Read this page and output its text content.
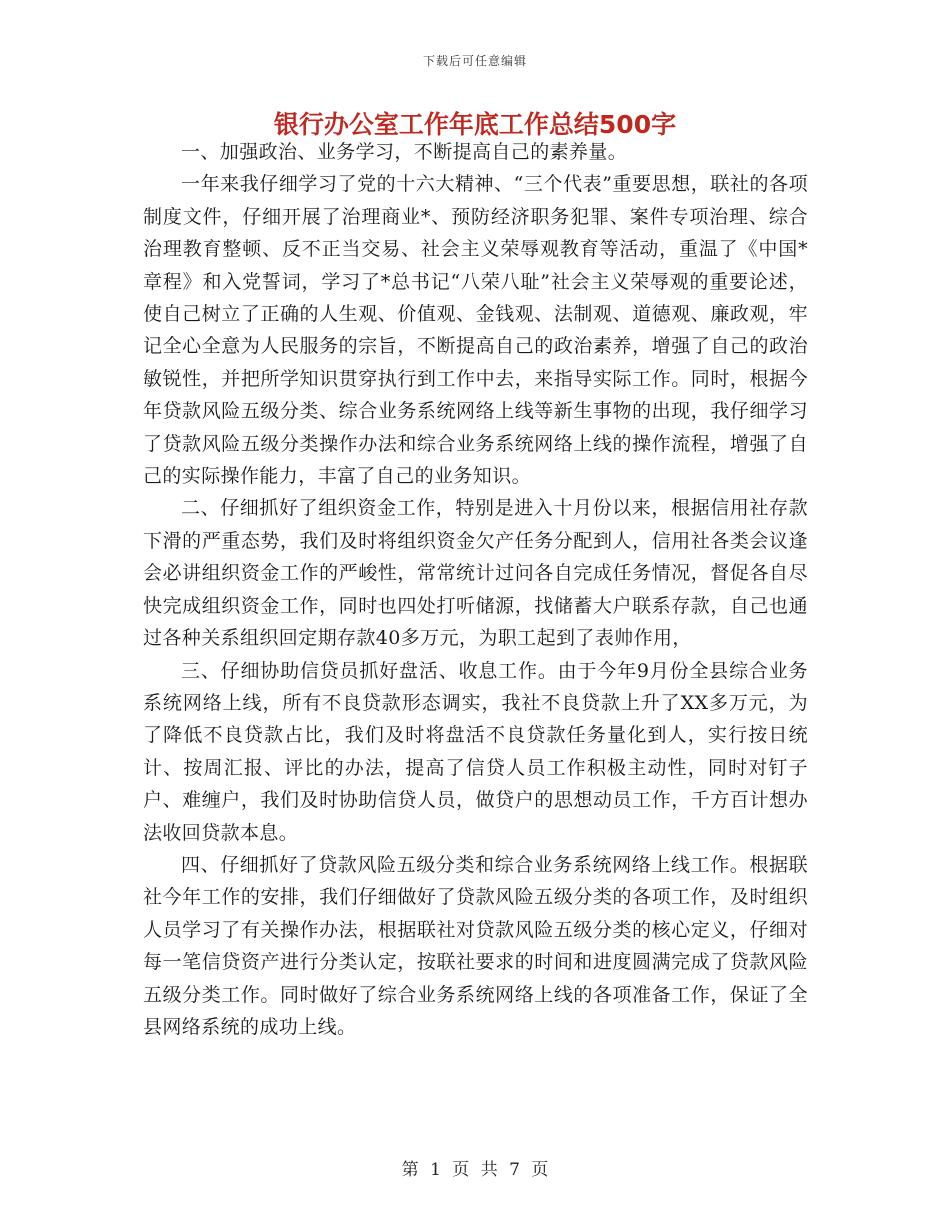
下载后可任意编辑
银行办公室工作年底工作总结500字

一、加强政治、业务学习，不断提高自己的素养量。

一年来我仔细学习了党的十六大精神、“三个代表”重要思想，联社的各项制度文件，仔细开展了治理商业*、预防经济职务犯罪、案件专项治理、综合治理教育整顿、反不正当交易、社会主义荣辱观教育等活动，重温了《中国*章程》和入党誓词，学习了*总书记“八荣八耻”社会主义荣辱观的重要论述，使自己树立了正确的人生观、价值观、金钱观、法制观、道德观、廉政观，牢记全心全意为人民服务的宗旨，不断提高自己的政治素养，增强了自己的政治敏锐性，并把所学知识贯穿执行到工作中去，来指导实际工作。同时，根据今年贷款风险五级分类、综合业务系统网络上线等新生事物的出现，我仔细学习了贷款风险五级分类操作办法和综合业务系统网络上线的操作流程，增强了自己的实际操作能力，丰富了自己的业务知识。

二、仔细抓好了组织资金工作，特别是进入十月份以来，根据信用社存款下滑的严重态势，我们及时将组织资金欠产任务分配到人，信用社各类会议逢会必讲组织资金工作的严峻性，常常统计过问各自完成任务情况，督促各自尽快完成组织资金工作，同时也四处打听储源，找储蓄大户联系存款，自己也通过各种关系组织回定期存款40多万元，为职工起到了表帅作用，

三、仔细协助信贷员抓好盘活、收息工作。由于今年9月份全县综合业务系统网络上线，所有不良贷款形态调实，我社不良贷款上升了XX多万元，为了降低不良贷款占比，我们及时将盘活不良贷款任务量化到人，实行按日统计、按周汇报、评比的办法，提高了信贷人员工作积极主动性，同时对钉子户、难缠户，我们及时协助信贷人员，做贷户的思想动员工作，千方百计想办法收回贷款本息。

四、仔细抓好了贷款风险五级分类和综合业务系统网络上线工作。根据联社今年工作的安排，我们仔细做好了贷款风险五级分类的各项工作，及时组织人员学习了有关操作办法，根据联社对贷款风险五级分类的核心定义，仔细对每一笔信贷资产进行分类认定，按联社要求的时间和进度圆满完成了贷款风险五级分类工作。同时做好了综合业务系统网络上线的各项准备工作，保证了全县网络系统的成功上线。

第 1 页 共 7 页
